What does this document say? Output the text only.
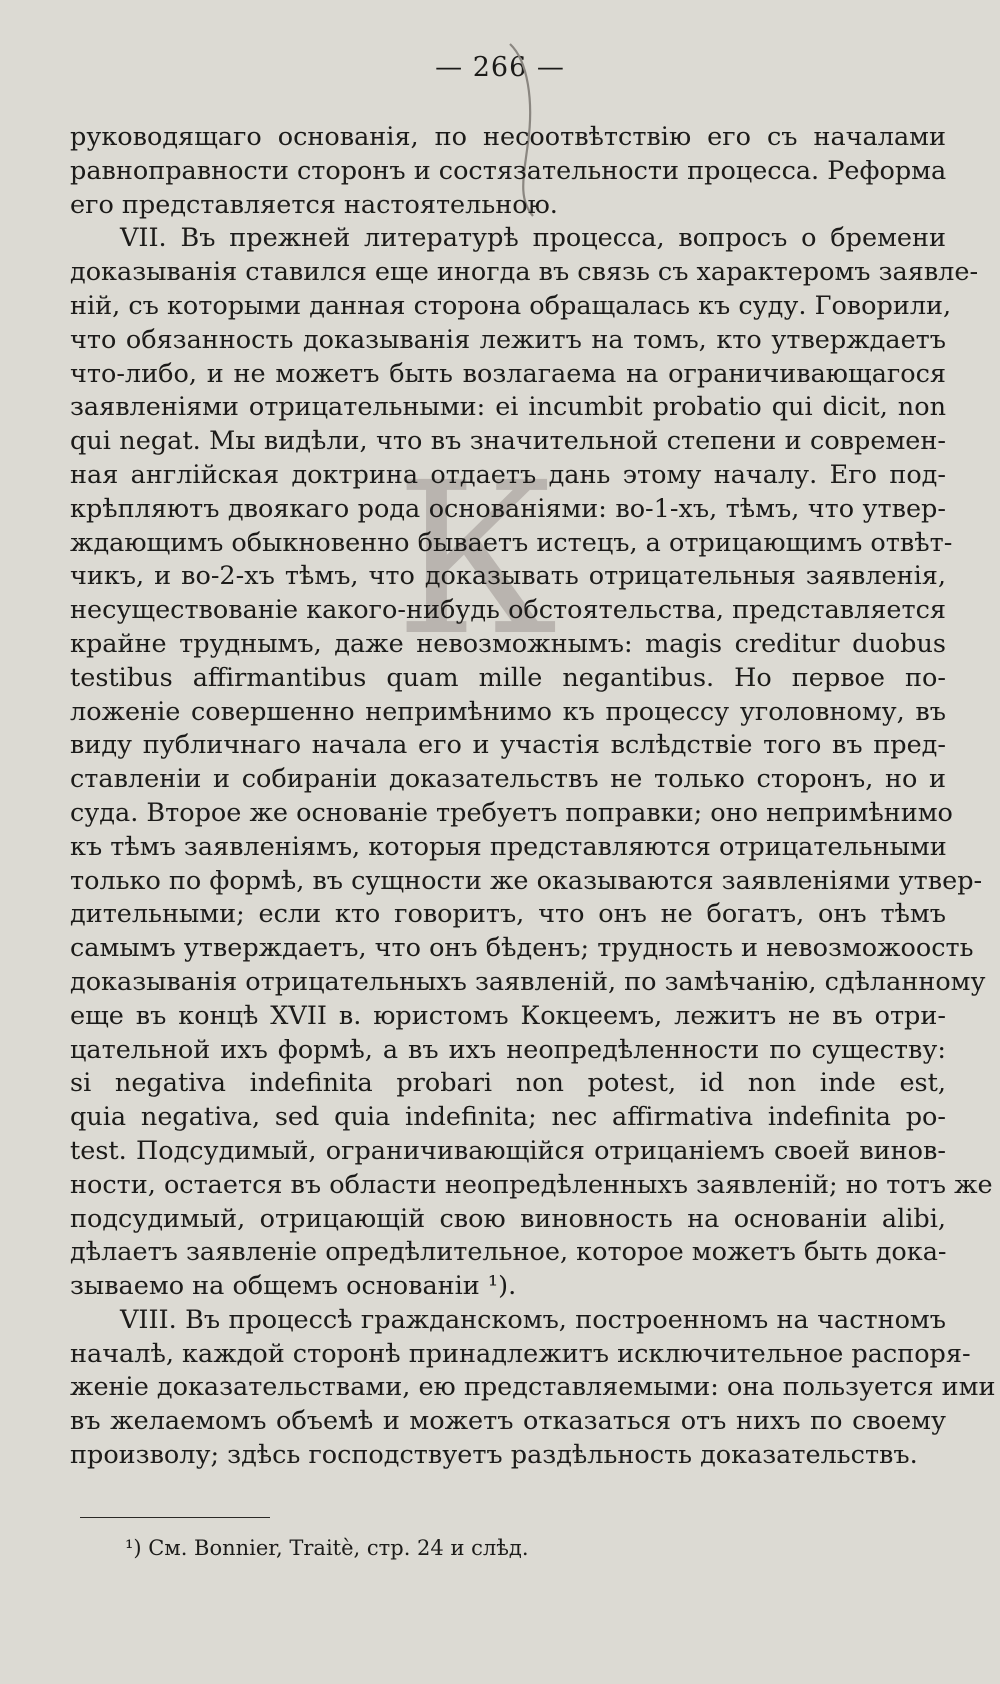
— 266 —
К
руководящаго основанія, по несоотвѣтствію его съ началами
равноправности сторонъ и состязательности процесса. Реформа
его представляется настоятельною.
VII. Въ прежней литературѣ процесса, вопросъ о бремени
доказыванія ставился еще иногда въ связь съ характеромъ заявле-
ній, съ которыми данная сторона обращалась къ суду. Говорили,
что обязанность доказыванія лежитъ на томъ, кто утверждаетъ
что-либо, и не можетъ быть возлагаема на ограничивающагося
заявленіями отрицательными: ei incumbit probatio qui dicit, non
qui negat. Мы видѣли, что въ значительной степени и современ-
ная англійская доктрина отдаетъ дань этому началу. Его под-
крѣпляютъ двоякаго рода основаніями: во-1-хъ, тѣмъ, что утвер-
ждающимъ обыкновенно бываетъ истецъ, а отрицающимъ отвѣт-
чикъ, и во-2-хъ тѣмъ, что доказывать отрицательныя заявленія,
несуществованіе какого-нибудь обстоятельства, представляется
крайне труднымъ, даже невозможнымъ: magis creditur duobus
testibus affirmantibus quam mille negantibus. Но первое по-
ложеніе совершенно непримѣнимо къ процессу уголовному, въ
виду публичнаго начала его и участія вслѣдствіе того въ пред-
ставленіи и собираніи доказательствъ не только сторонъ, но и
суда. Второе же основаніе требуетъ поправки; оно непримѣнимо
къ тѣмъ заявленіямъ, которыя представляются отрицательными
только по формѣ, въ сущности же оказываются заявленіями утвер-
дительными; если кто говоритъ, что онъ не богатъ, онъ тѣмъ
самымъ утверждаетъ, что онъ бѣденъ; трудность и невозможоость
доказыванія отрицательныхъ заявленій, по замѣчанію, сдѣланному
еще въ концѣ XVII в. юристомъ Кокцеемъ, лежитъ не въ отри-
цательной ихъ формѣ, а въ ихъ неопредѣленности по существу:
si negativa indefinita probari non potest, id non inde est,
quia negativa, sed quia indefinita; nec affirmativa indefinita po-
test. Подсудимый, ограничивающійся отрицаніемъ своей винов-
ности, остается въ области неопредѣленныхъ заявленій; но тотъ же
подсудимый, отрицающій свою виновность на основаніи alibi,
дѣлаетъ заявленіе опредѣлительное, которое можетъ быть дока-
зываемо на общемъ основаніи ¹).
VIII. Въ процессѣ гражданскомъ, построенномъ на частномъ
началѣ, каждой сторонѣ принадлежитъ исключительное распоря-
женіе доказательствами, ею представляемыми: она пользуется ими
въ желаемомъ объемѣ и можетъ отказаться отъ нихъ по своему
произволу; здѣсь господствуетъ раздѣльность доказательствъ.
¹) См. Bonnier, Traitè, стр. 24 и слѣд.
